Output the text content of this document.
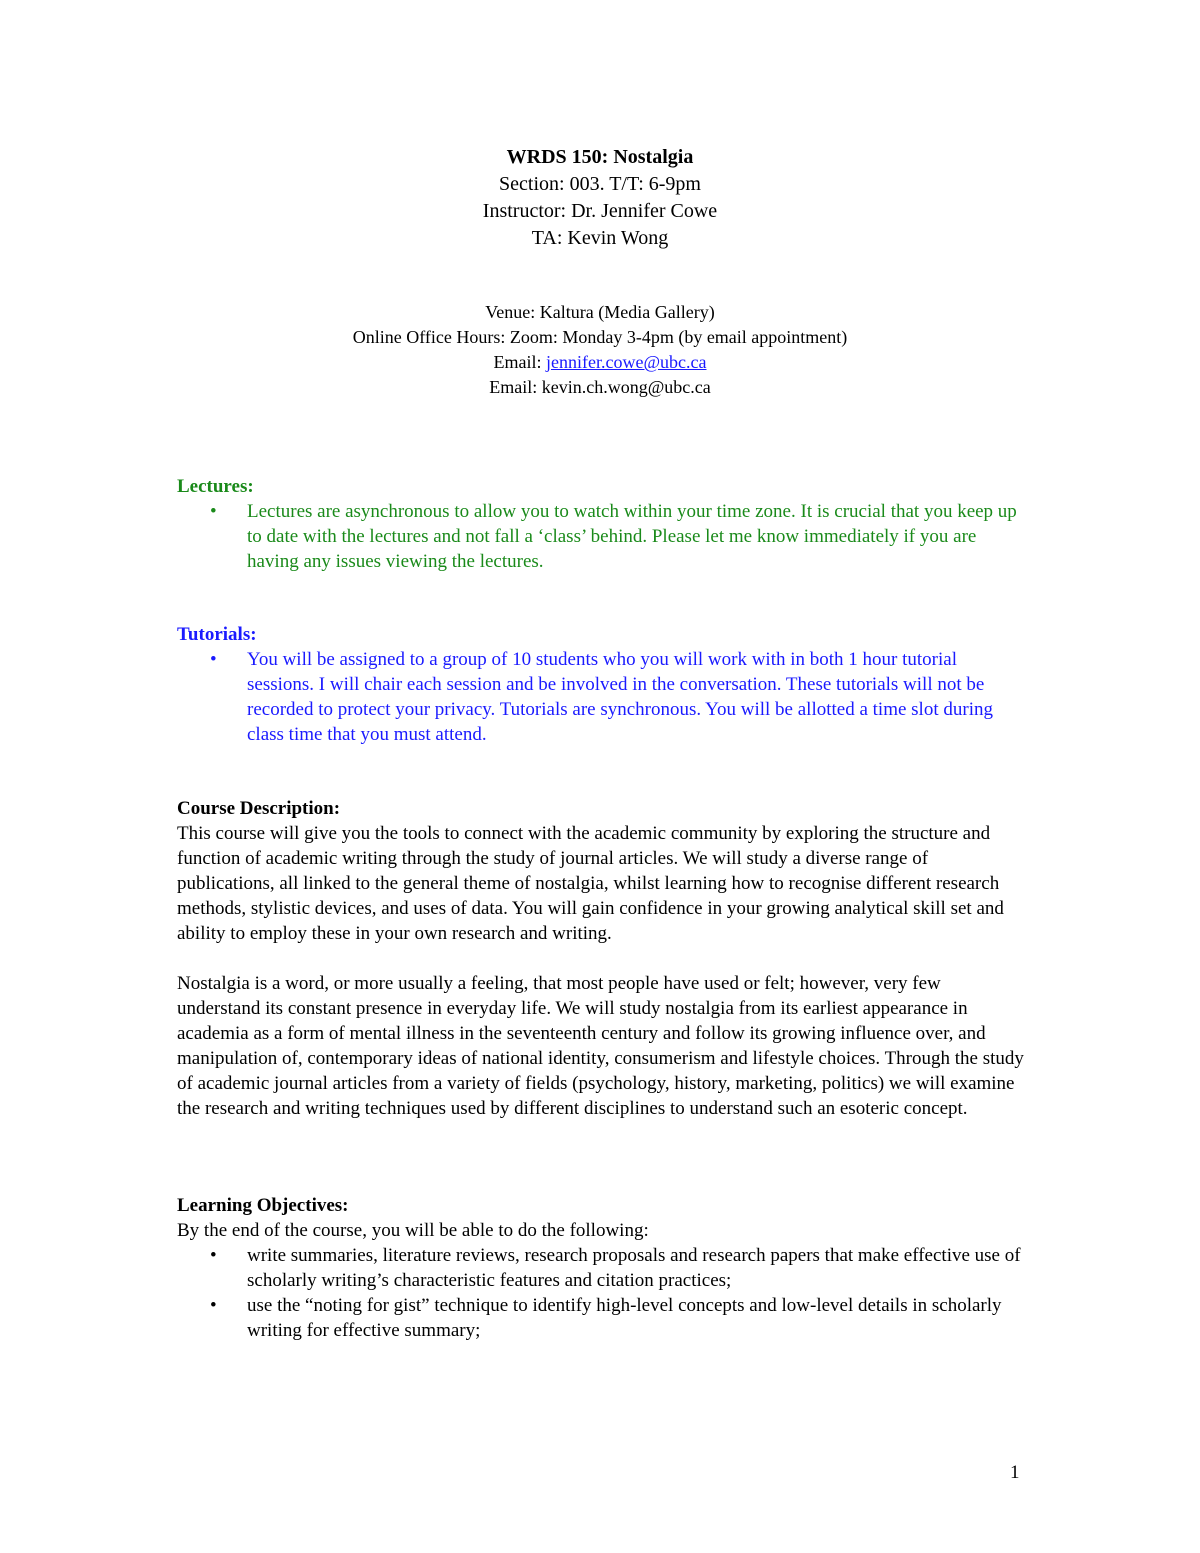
WRDS 150: Nostalgia

Section: 003. T/T: 6-9pm

Instructor: Dr. Jennifer Cowe

TA: Kevin Wong

Venue: Kaltura (Media Gallery)

Online Office Hours: Zoom: Monday 3-4pm (by email appointment)

Email: jennifer.cowe@ubc.ca

Email: kevin.ch.wong@ubc.ca

Lectures:

• Lectures are asynchronous to allow you to watch within your time zone. It is crucial that you keep up to date with the lectures and not fall a ‘class’ behind. Please let me know immediately if you are having any issues viewing the lectures.

Tutorials:

• You will be assigned to a group of 10 students who you will work with in both 1 hour tutorial sessions. I will chair each session and be involved in the conversation. These tutorials will not be recorded to protect your privacy. Tutorials are synchronous. You will be allotted a time slot during class time that you must attend.

Course Description:

This course will give you the tools to connect with the academic community by exploring the structure and function of academic writing through the study of journal articles. We will study a diverse range of publications, all linked to the general theme of nostalgia, whilst learning how to recognise different research methods, stylistic devices, and uses of data. You will gain confidence in your growing analytical skill set and ability to employ these in your own research and writing.

Nostalgia is a word, or more usually a feeling, that most people have used or felt; however, very few understand its constant presence in everyday life. We will study nostalgia from its earliest appearance in academia as a form of mental illness in the seventeenth century and follow its growing influence over, and manipulation of, contemporary ideas of national identity, consumerism and lifestyle choices. Through the study of academic journal articles from a variety of fields (psychology, history, marketing, politics) we will examine the research and writing techniques used by different disciplines to understand such an esoteric concept.

Learning Objectives:

By the end of the course, you will be able to do the following:

• write summaries, literature reviews, research proposals and research papers that make effective use of scholarly writing’s characteristic features and citation practices;
• use the “noting for gist” technique to identify high-level concepts and low-level details in scholarly writing for effective summary;
1
